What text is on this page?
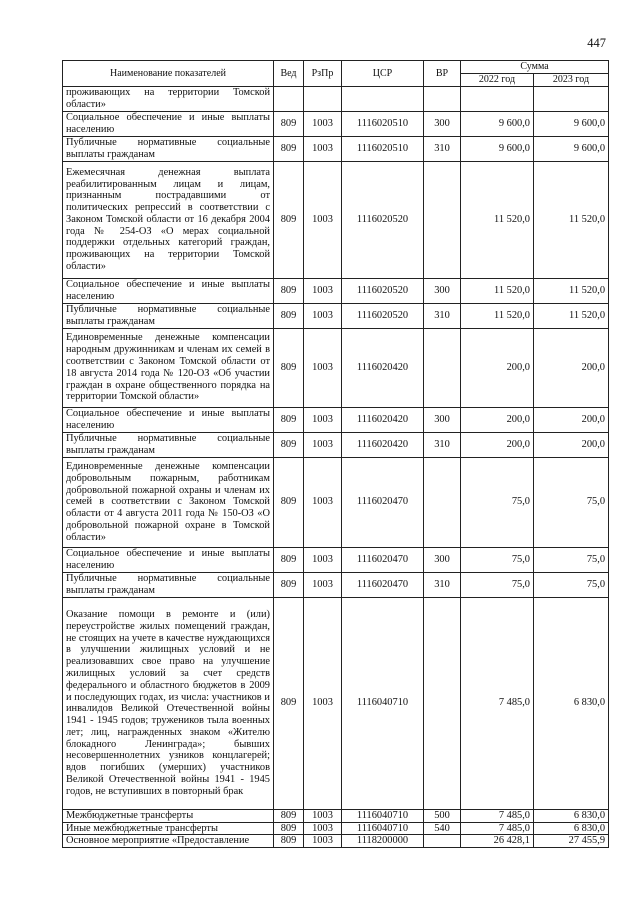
447
Наименование показателей	Вед	РзПр	ЦСР	ВР	Сумма	
					2022 год	2023 год
проживающих на территории Томской области»						
Социальное обеспечение и иные выплаты населению	809	1003	1116020510	300	9 600,0	9 600,0
Публичные нормативные социальные выплаты гражданам	809	1003	1116020510	310	9 600,0	9 600,0
Ежемесячная денежная выплата реабилитированным лицам и лицам, признанным пострадавшими от политических репрессий в соответствии с Законом Томской области от 16 декабря 2004 года № 254-ОЗ «О мерах социальной поддержки отдельных категорий граждан, проживающих на территории Томской области»	809	1003	1116020520		11 520,0	11 520,0
Социальное обеспечение и иные выплаты населению	809	1003	1116020520	300	11 520,0	11 520,0
Публичные нормативные социальные выплаты гражданам	809	1003	1116020520	310	11 520,0	11 520,0
Единовременные денежные компенсации народным дружинникам и членам их семей в соответствии с Законом Томской области от 18 августа 2014 года № 120-ОЗ «Об участии граждан в охране общественного порядка на территории Томской области»	809	1003	1116020420		200,0	200,0
Социальное обеспечение и иные выплаты населению	809	1003	1116020420	300	200,0	200,0
Публичные нормативные социальные выплаты гражданам	809	1003	1116020420	310	200,0	200,0
Единовременные денежные компенсации добровольным пожарным, работникам добровольной пожарной охраны и членам их семей в соответствии с Законом Томской области от 4 августа 2011 года № 150-ОЗ «О добровольной пожарной охране в Томской области»	809	1003	1116020470		75,0	75,0
Социальное обеспечение и иные выплаты населению	809	1003	1116020470	300	75,0	75,0
Публичные нормативные социальные выплаты гражданам	809	1003	1116020470	310	75,0	75,0
Оказание помощи в ремонте и (или) переустройстве жилых помещений граждан, не стоящих на учете в качестве нуждающихся в улучшении жилищных условий и не реализовавших свое право на улучшение жилищных условий за счет средств федерального и областного бюджетов в 2009 и последующих годах, из числа: участников и инвалидов Великой Отечественной войны 1941 - 1945 годов; тружеников тыла военных лет; лиц, награжденных знаком «Жителю блокадного Ленинграда»; бывших несовершеннолетних узников концлагерей; вдов погибших (умерших) участников Великой Отечественной войны 1941 - 1945 годов, не вступивших в повторный брак	809	1003	1116040710		7 485,0	6 830,0
Межбюджетные трансферты	809	1003	1116040710	500	7 485,0	6 830,0
Иные межбюджетные трансферты	809	1003	1116040710	540	7 485,0	6 830,0
Основное мероприятие «Предоставление	809	1003	1118200000		26 428,1	27 455,9
